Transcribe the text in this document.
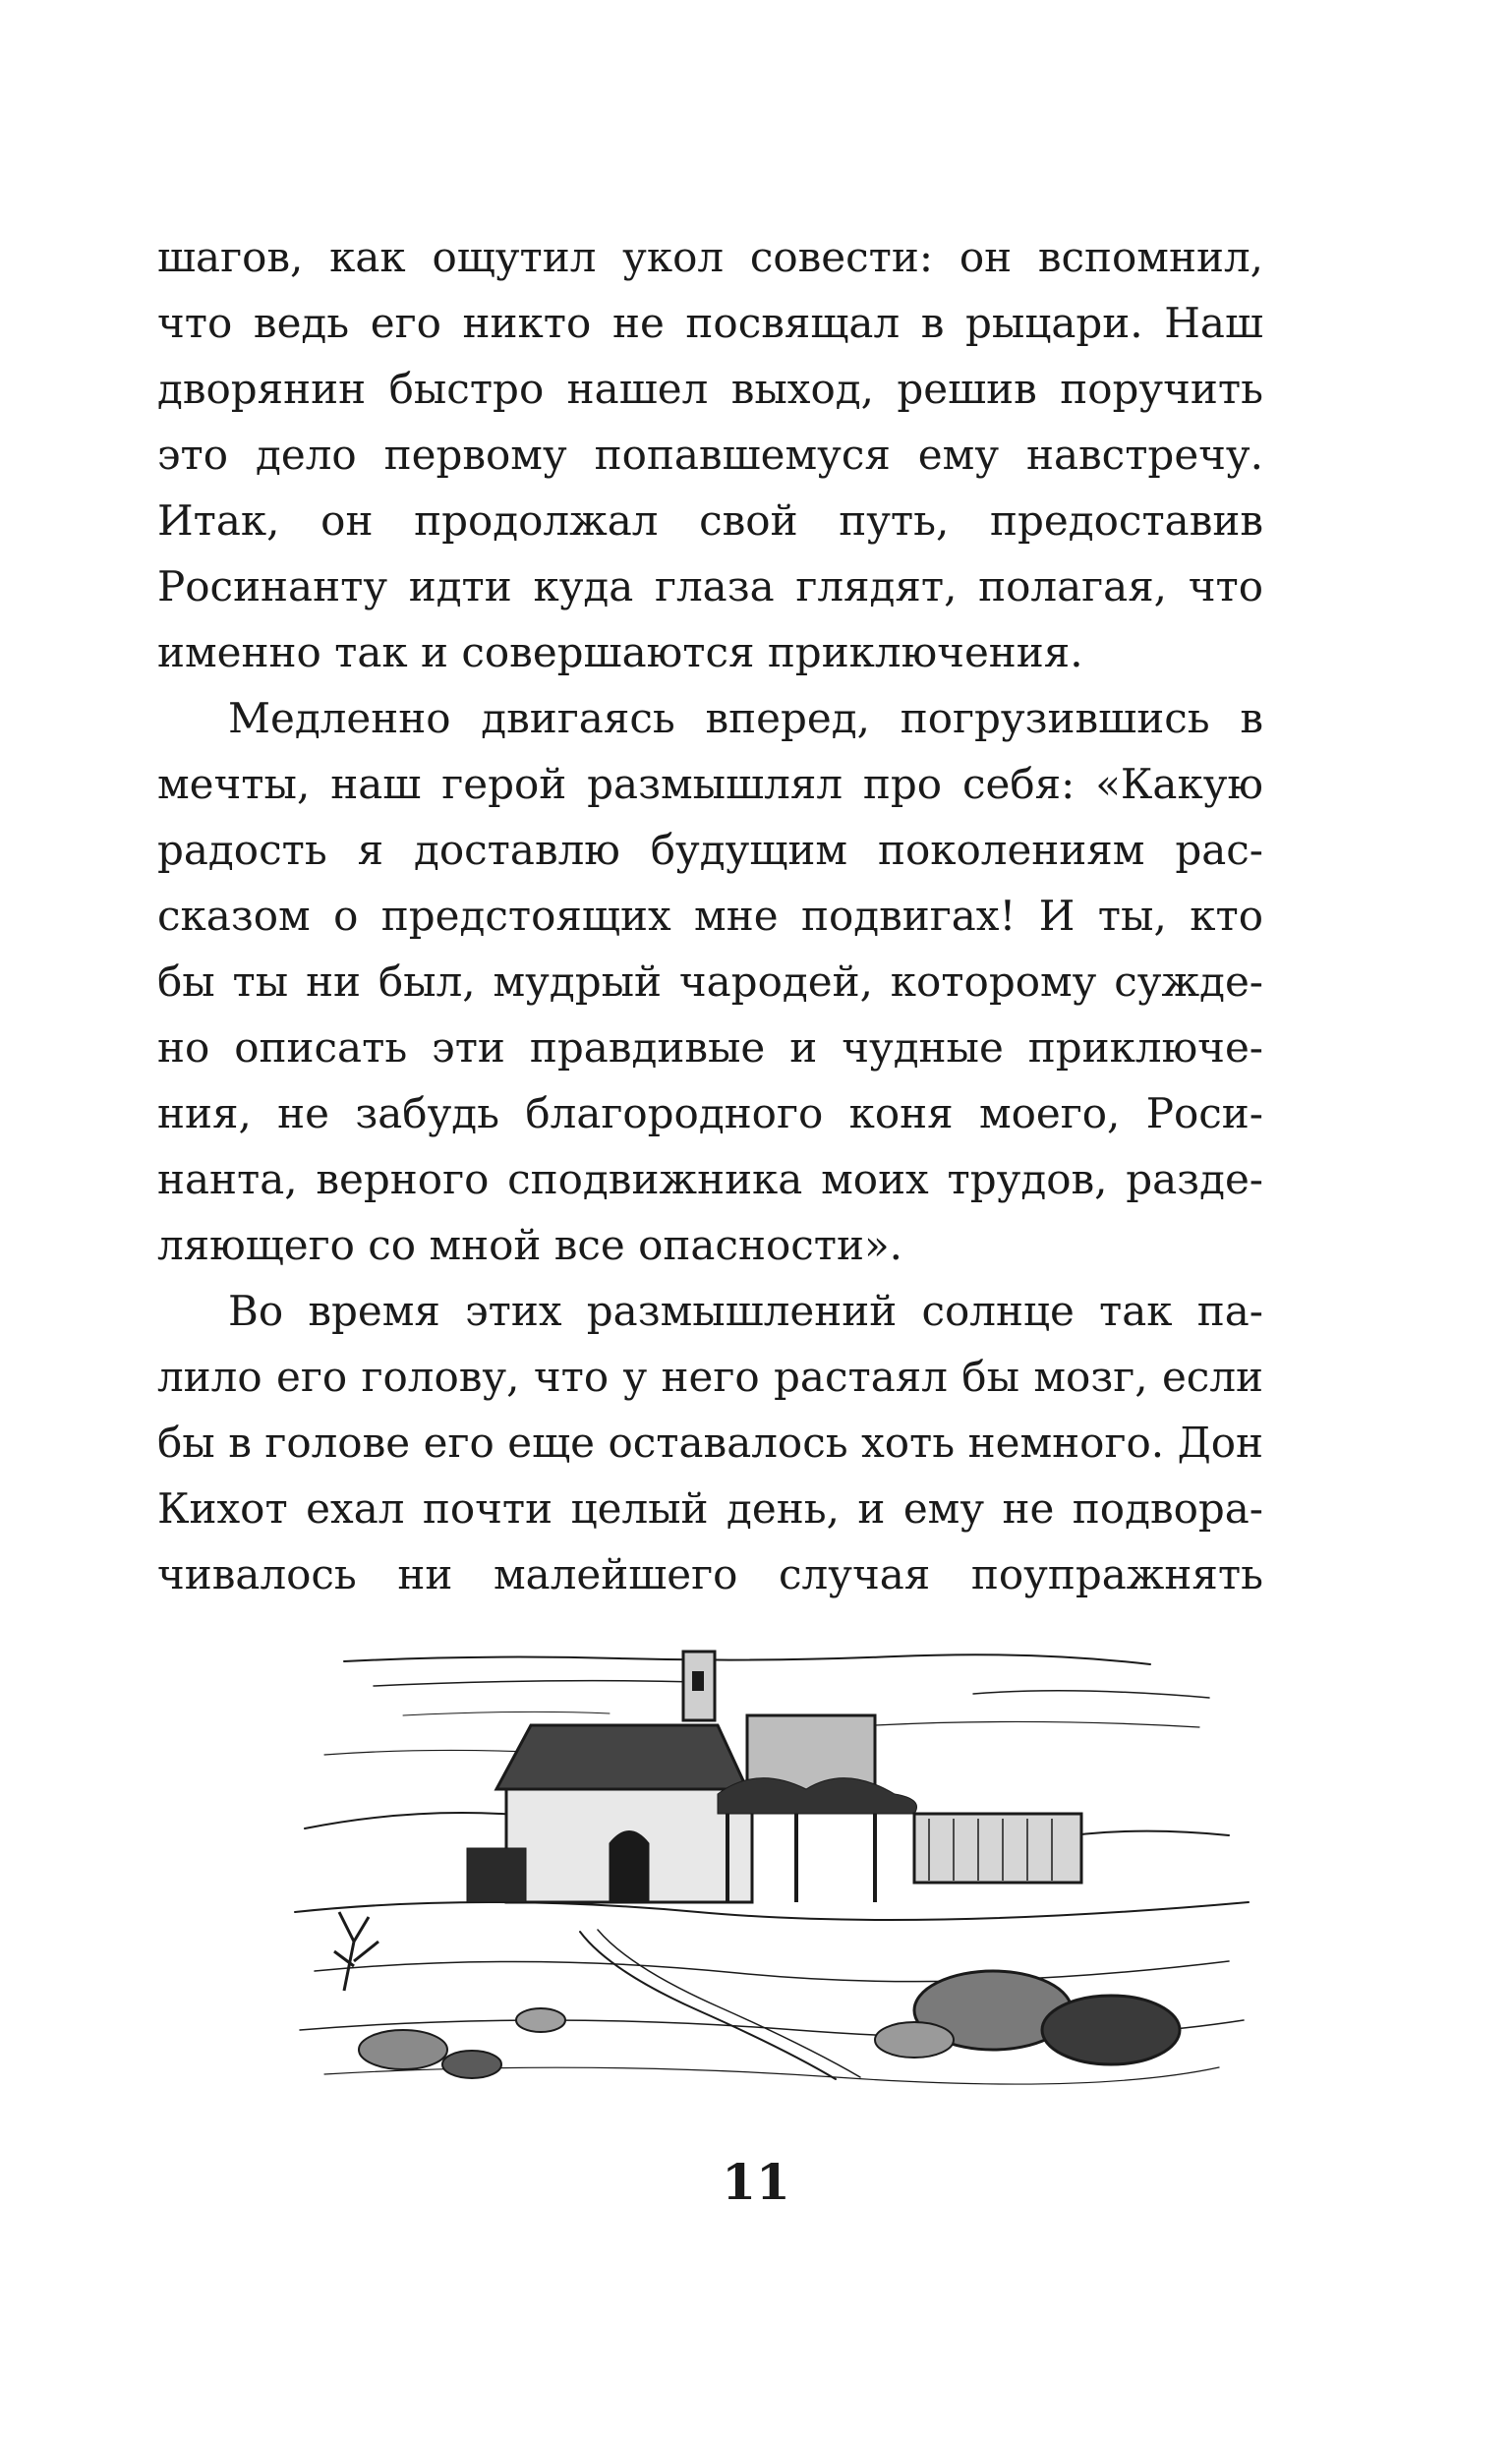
шагов, как ощутил укол совести: он вспомнил,
что ведь его никто не посвящал в рыцари. Наш
дворянин быстро нашел выход, решив поручить
это дело первому попавшемуся ему навстречу.
Итак, он продолжал свой путь, предоставив
Росинанту идти куда глаза глядят, полагая, что
именно так и совершаются приключения.
Медленно двигаясь вперед, погрузившись в
мечты, наш герой размышлял про себя: «Какую
радость я доставлю будущим поколениям рас-
сказом о предстоящих мне подвигах! И ты, кто
бы ты ни был, мудрый чародей, которому сужде-
но описать эти правдивые и чудные приключе-
ния, не забудь благородного коня моего, Роси-
нанта, верного сподвижника моих трудов, разде-
ляющего со мной все опасности».
Во время этих размышлений солнце так па-
лило его голову, что у него растаял бы мозг, если
бы в голове его еще оставалось хоть немного. Дон
Кихот ехал почти целый день, и ему не подвора-
чивалось ни малейшего случая поупражнять
11
